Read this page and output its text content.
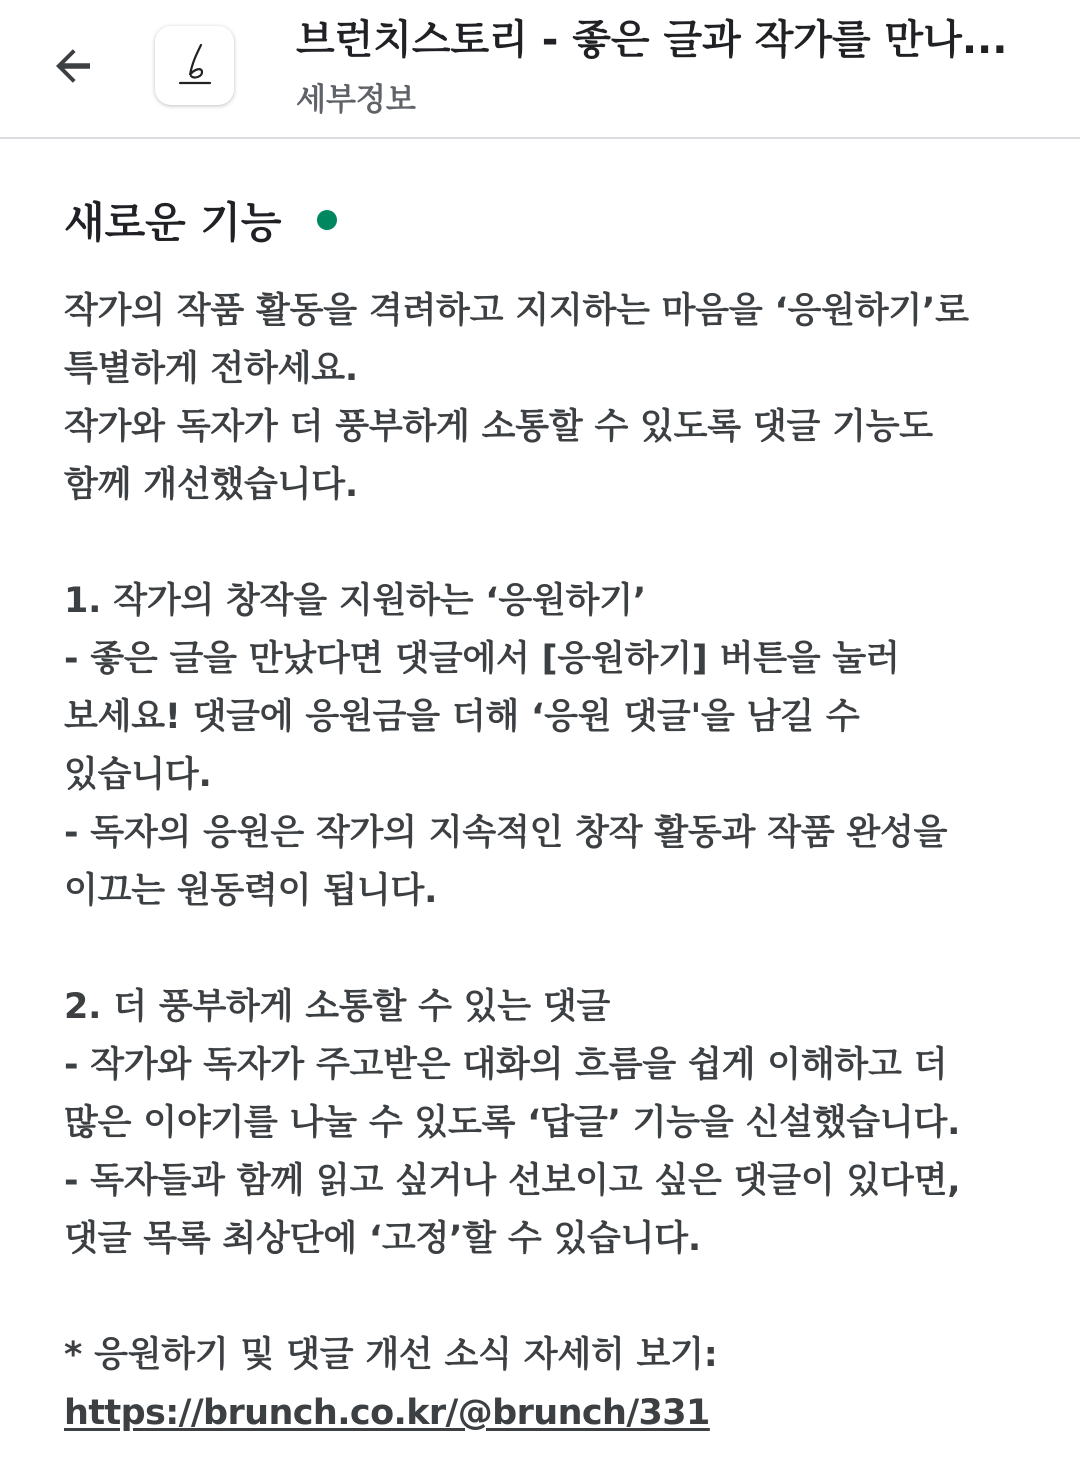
브런치스토리 - 좋은 글과 작가를 만나...
세부정보
새로운 기능
작가의 작품 활동을 격려하고 지지하는 마음을 ‘응원하기’로
특별하게 전하세요.
작가와 독자가 더 풍부하게 소통할 수 있도록 댓글 기능도
함께 개선했습니다.

1. 작가의 창작을 지원하는 ‘응원하기’
- 좋은 글을 만났다면 댓글에서 [응원하기] 버튼을 눌러
보세요! 댓글에 응원금을 더해 ‘응원 댓글'을 남길 수
있습니다.
- 독자의 응원은 작가의 지속적인 창작 활동과 작품 완성을
이끄는 원동력이 됩니다.

2. 더 풍부하게 소통할 수 있는 댓글
- 작가와 독자가 주고받은 대화의 흐름을 쉽게 이해하고 더
많은 이야기를 나눌 수 있도록 ‘답글’ 기능을 신설했습니다.
- 독자들과 함께 읽고 싶거나 선보이고 싶은 댓글이 있다면,
댓글 목록 최상단에 ‘고정’할 수 있습니다.

* 응원하기 및 댓글 개선 소식 자세히 보기:
https://brunch.co.kr/@brunch/331
